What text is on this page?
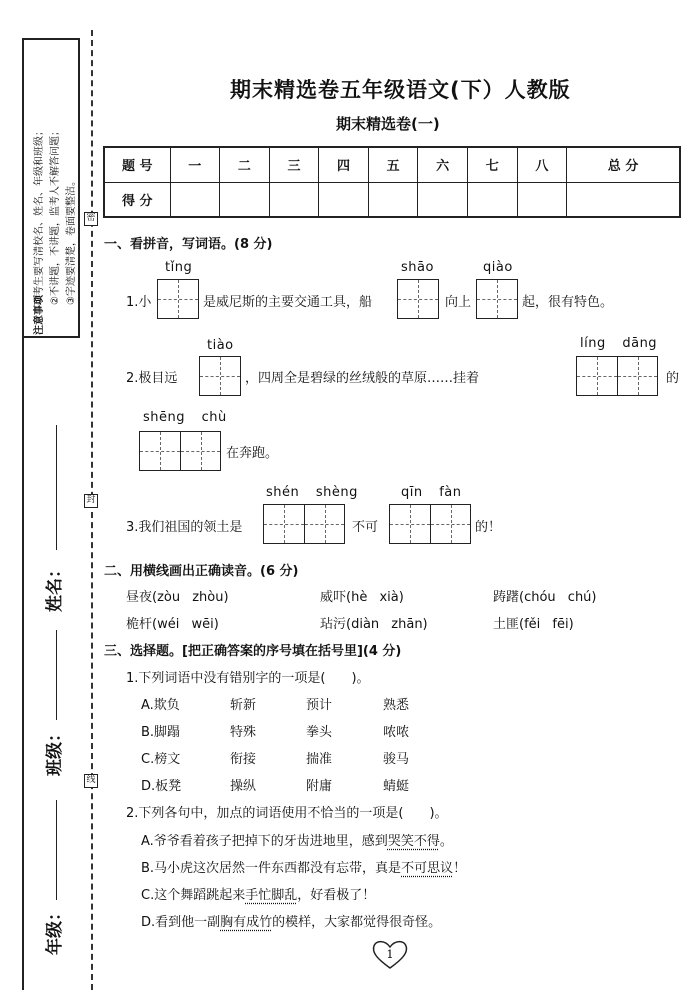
①考生要写清校名、姓名、年级和班级； ②不讲题，不讲题，监考人不解答问题； ③字迹要清楚，卷面要整洁。
注意事项
密
封
线
姓名：
班级：
年级：
期末精选卷五年级语文(下）人教版
期末精选卷(一)
题 号	一	二	三	四	五	六	七	八	总 分
得 分									
一、看拼音，写词语。(8 分)
tǐng
1.小	是威尼斯的主要交通工具，船
shāo
向上
qiào
起，很有特色。
tiào
2.极目远	，四周全是碧绿的丝绒般的草原……挂着
líng dāng
的
shēng chù
在奔跑。
shén shèng
3.我们祖国的领土是	不可
qīn fàn
的！
二、用横线画出正确读音。(6 分)
昼夜(zòu zhòu)	威吓(hè xià)	踌躇(chóu chú)
桅杆(wéi wēi)	玷污(diàn zhān)	土匪(fěi fēi)
三、选择题。[把正确答案的序号填在括号里](4 分)
1.下列词语中没有错别字的一项是(　　)。
A.欺负	斩新	预计	熟悉
B.脚蹋	特殊	拳头	哝哝
C.榜文	衔接	揣准	骏马
D.板凳	操纵	附庸	蜻蜓
2.下列各句中，加点的词语使用不恰当的一项是(　　)。
A.爷爷看着孩子把掉下的牙齿进地里，感到哭笑不得。
B.马小虎这次居然一件东西都没有忘带，真是不可思议！
C.这个舞蹈跳起来手忙脚乱，好看极了！
D.看到他一副胸有成竹的模样，大家都觉得很奇怪。
1
